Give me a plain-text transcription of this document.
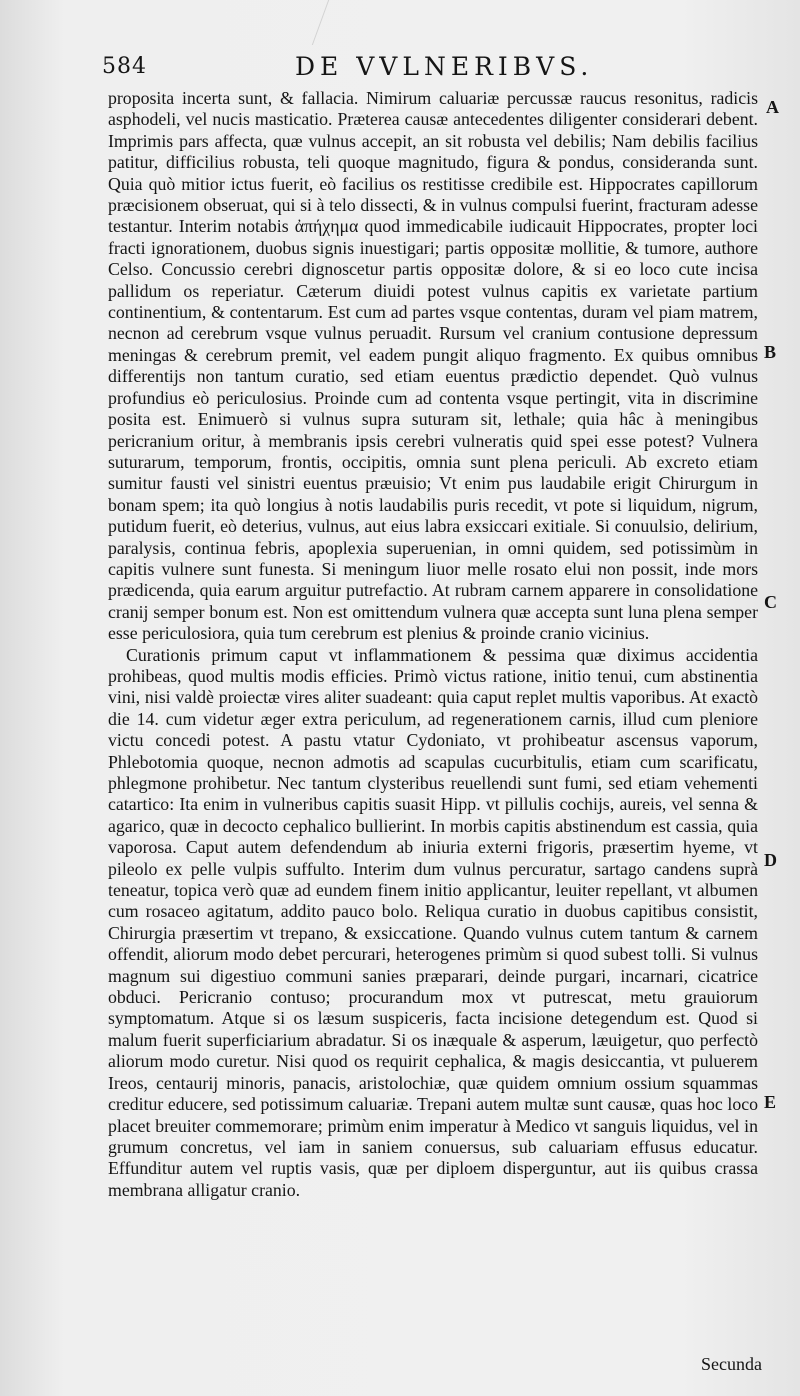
584	DE VVLNERIBVS.

proposita incerta sunt, & fallacia. Nimirum caluariæ percussæ raucus resonitus, radicis asphodeli, vel nucis masticatio. Præterea causæ antecedentes diligenter considerari debent. Imprimis pars affecta, quæ vulnus accepit, an sit robusta vel debilis; Nam debilis facilius patitur, difficilius robusta, teli quoque magnitudo, figura & pondus, consideranda sunt. Quia quò mitior ictus fuerit, eò facilius os restitisse credibile est. Hippocrates capillorum præcisionem obseruat, qui si à telo dissecti, & in vulnus compulsi fuerint, fracturam adesse testantur. Interim notabis ἀπήχημα quod immedicabile iudicauit Hippocrates, propter loci fracti ignorationem, duobus signis inuestigari; partis oppositæ mollitie, & tumore, authore Celso. Concussio cerebri dignoscetur partis oppositæ dolore, & si eo loco cute incisa pallidum os reperiatur. Cæterum diuidi potest vulnus capitis ex varietate partium continentium, & contentarum. Est cum ad partes vsque contentas, duram vel piam matrem, necnon ad cerebrum vsque vulnus peruadit. Rursum vel cranium contusione depressum meningas & cerebrum premit, vel eadem pungit aliquo fragmento. Ex quibus omnibus differentijs non tantum curatio, sed etiam euentus prædictio dependet. Quò vulnus profundius eò periculosius. Proinde cum ad contenta vsque pertingit, vita in discrimine posita est. Enimuerò si vulnus supra suturam sit, lethale; quia hâc à meningibus pericranium oritur, à membranis ipsis cerebri vulneratis quid spei esse potest? Vulnera suturarum, temporum, frontis, occipitis, omnia sunt plena periculi. Ab excreto etiam sumitur fausti vel sinistri euentus præuisio; Vt enim pus laudabile erigit Chirurgum in bonam spem; ita quò longius à notis laudabilis puris recedit, vt pote si liquidum, nigrum, putidum fuerit, eò deterius, vulnus, aut eius labra exsiccari exitiale. Si conuulsio, delirium, paralysis, continua febris, apoplexia superuenian, in omni quidem, sed potissimùm in capitis vulnere sunt funesta. Si meningum liuor melle rosato elui non possit, inde mors prædicenda, quia earum arguitur putrefactio. At rubram carnem apparere in consolidatione cranij semper bonum est. Non est omittendum vulnera quæ accepta sunt luna plena semper esse periculosiora, quia tum cerebrum est plenius & proinde cranio vicinius.

Curationis primum caput vt inflammationem & pessima quæ diximus accidentia prohibeas, quod multis modis efficies. Primò victus ratione, initio tenui, cum abstinentia vini, nisi valdè proiectæ vires aliter suadeant: quia caput replet multis vaporibus. At exactò die 14. cum videtur æger extra periculum, ad regenerationem carnis, illud cum pleniore victu concedi potest. A pastu vtatur Cydoniato, vt prohibeatur ascensus vaporum, Phlebotomia quoque, necnon admotis ad scapulas cucurbitulis, etiam cum scarificatu, phlegmone prohibetur. Nec tantum clysteribus reuellendi sunt fumi, sed etiam vehementi catartico: Ita enim in vulneribus capitis suasit Hipp. vt pillulis cochijs, aureis, vel senna & agarico, quæ in decocto cephalico bullierint. In morbis capitis abstinendum est cassia, quia vaporosa. Caput autem defendendum ab iniuria externi frigoris, præsertim hyeme, vt pileolo ex pelle vulpis suffulto. Interim dum vulnus percuratur, sartago candens suprà teneatur, topica verò quæ ad eundem finem initio applicantur, leuiter repellant, vt albumen cum rosaceo agitatum, addito pauco bolo. Reliqua curatio in duobus capitibus consistit, Chirurgia præsertim vt trepano, & exsiccatione. Quando vulnus cutem tantum & carnem offendit, aliorum modo debet percurari, heterogenes primùm si quod subest tolli. Si vulnus magnum sui digestiuo communi sanies præparari, deinde purgari, incarnari, cicatrice obduci. Pericranio contuso; procurandum mox vt putrescat, metu grauiorum symptomatum. Atque si os læsum suspiceris, facta incisione detegendum est. Quod si malum fuerit superficiarium abradatur. Si os inæquale & asperum, læuigetur, quo perfectò aliorum modo curetur. Nisi quod os requirit cephalica, & magis desiccantia, vt puluerem Ireos, centaurij minoris, panacis, aristolochiæ, quæ quidem omnium ossium squammas creditur educere, sed potissimum caluariæ. Trepani autem multæ sunt causæ, quas hoc loco placet breuiter commemorare; primùm enim imperatur à Medico vt sanguis liquidus, vel in grumum concretus, vel iam in saniem conuersus, sub caluariam effusus educatur. Effunditur autem vel ruptis vasis, quæ per diploem disperguntur, aut iis quibus crassa membrana alligatur cranio.

A
B
C
D
E
Secunda
